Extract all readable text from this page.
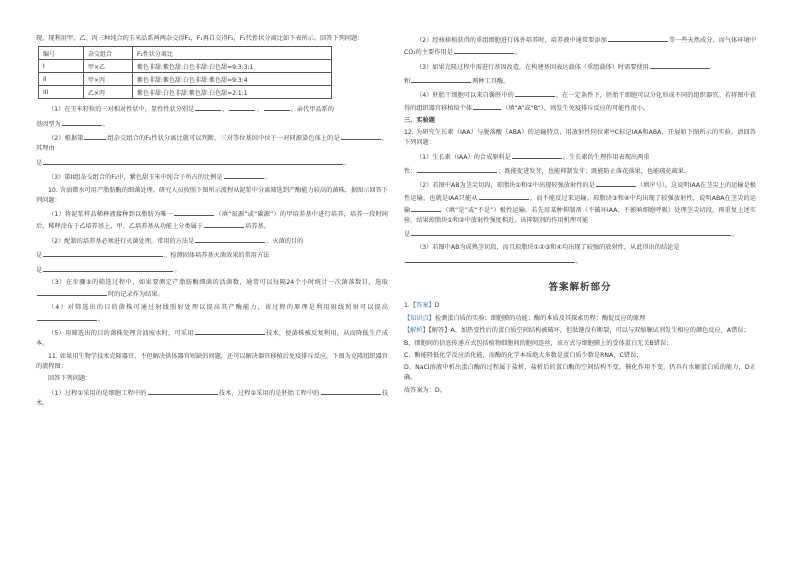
现。现利用甲、乙、丙三种纯合的玉米品系两两杂交得F₁，F₁再自交得F₂，F₂代性状分离比如下表所示。回答下列问题：
编号	杂交组合	F₂性状分离比
I	甲×乙	紫色非甜:紫色甜:白色非甜:白色甜=9:3:3:1
II	甲×丙	紫色非甜:紫色甜:白色非甜:紫色甜=9:3:4
III	乙×丙	紫色非甜:白色非甜:紫色甜:白色甜=2:1:1
（1）在玉米籽粒的三对相对性状中，显性性状分别是	、	、	。亲代甲品系的
基因型为	。
（2）根据第	组杂交组合的F₂性状分离比就可以判断，三对等位基因中位于一对同源染色体上的是	，其理由
是	。
（3）第II组杂交组合的F₂中，紫色甜玉米中纯合子所占的比例是	。
10. 含油微水可用产脂肪酶的细菌处理。研究人员按照下图所示流程从泥浆中分离筛选到产酶能力较高的菌株，据图示回答下列问题：
（1）将泥浆样品稀释液接种到以脂肪为唯一	（填“氮源”或“碳源”）的甲培养基中进行培养，培养一段时间后，稀释涂布于乙培养基上，甲、乙培养基从功能上分类属于	培养基。
（2）配制的培养基必须进行灭菌处理，常用的方法是	。灭菌的目的
是	。检测固体培养基灭菌效果的常用方法
是	。
（3）在步骤⑤的筛选过程中，如果要测定产脂肪酶细菌的活菌数，通常可以每隔24个小时统计一次菌落数目，选取时的记录作为结果。
（4）对筛选出的目的菌株可通过射线照射处理以提高其产酶能力，该过程的原理是利用射线照射可以提高。
（5）用筛选出的目的菌株处理含油废水时，可采用	技术，使菌株被反复利用，从而降低生产成本。
11. 如果用生物学技术克隆器官，不但解决供体器官短缺的问题，还可以解决器官移植后免疫排斥反应。下图为克隆组织器官的流程图：
回答下列问题：
（1）过程①采用的是细胞工程中的	技术，过程②采用的是胚胎工程中的	技术。
（2）经核移植获得的重组细胞进行体外培养时，培养液中通常要添加	等一些天然成分，而气体环境中CO₂的主要作用是	。
（3）如果克隆过程中需进行基因改造，在构建基因表达载体（重组载体）时需要使用
和	两种工具酶。
（4）胚胎干细胞可以来自囊胚中的	。在一定条件下，胚胎干细胞可以分化形成不同的组织器官。若将图中获得的组织器官移植给个体	（填“A”或“B”），则发生免疫排斥反应的可能性很小。
三、实验题
12. 为研究生长素（IAA）与脱落酸（ABA）的运输特点，用放射性同位素¹⁴C标记IAA和ABA，开展如下图所示的实验。请回答下列问题：
（1）生长素（IAA）的合成原料是	。生长素的生理作用表现出两重
性：	；既能促进发芽，也能抑制发芽；既能防止落花落果，也能疏花疏果。
（2）若图中AB为茎尖切段，琼脂块①和②中出现较强放射性的是	（填序号）。这说明IAA在茎尖上的运输是极性运输，也就是IAA只能从	，而不能反过来运输。琼脂块③和④中均出现了较强放射性，说明ABA在茎尖的运输	（填“是”或“不是”）极性运输。若先用某种抑制剂（不破坏IAA、不影响细胞呼吸）处理茎尖切段，再重复上述实验，结果琼脂块①和②中放射性强度相近，该抑制剂的作用机理可能
是	。
（3）若图中AB为成熟茎切段，而且琼脂块①②③和④均出现了较强的放射性，从此得出的结论是
。
答案解析部分
1.【答案】D
【知识点】检测蛋白质的实验；细胞膜的功能；酶的本质及其探索历程；酶促反应的原理
【解析】【解答】A、加热变性后的蛋白质空间结构被破坏，但肽键没有断裂，可以与双缩脲试剂发生相应的颜色反应，A错误；
B、细胞间的信息传递方式包括植物细胞间的胞间连丝，该方式与细胞膜上的受体蛋白无关B错误；
C、酶能降低化学反应活化能，而酶的化学本质绝大多数是蛋白质少数是RNA，C错误；
D、NaCl溶液中析出蛋白酶的过程属于盐析，盐析后的蛋白酶的空间结构不变，催化作用不变，仍具有水解蛋白质的能力，D正确。
故答案为：D。
